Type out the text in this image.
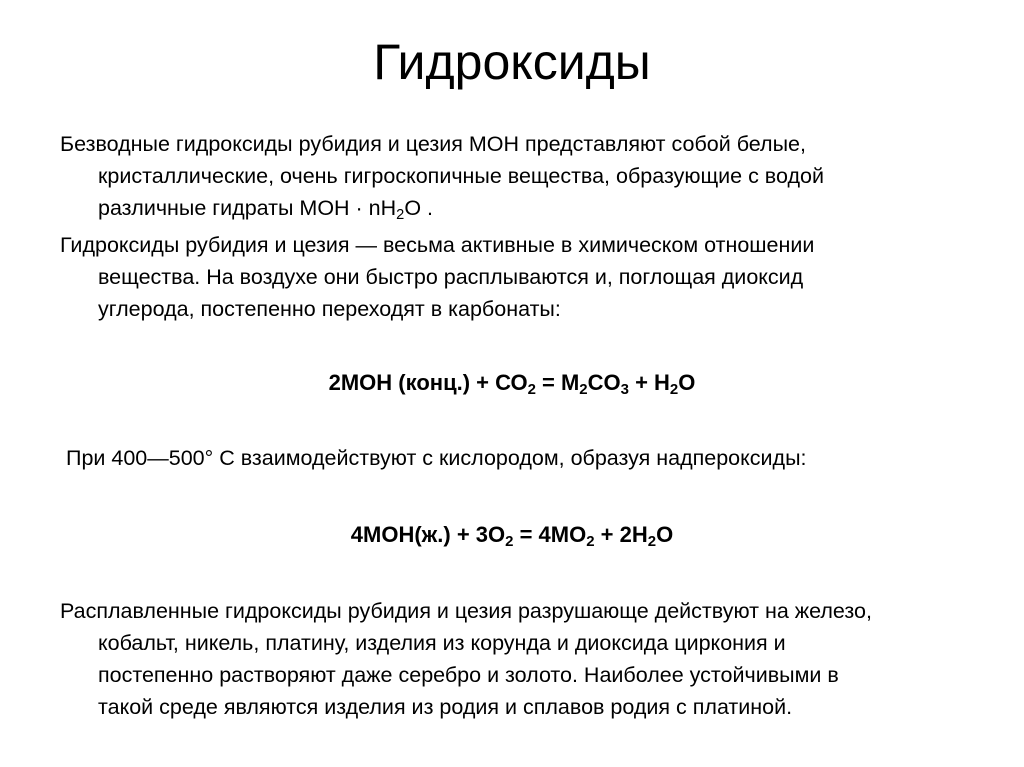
Гидроксиды
Безводные гидроксиды рубидия и цезия МОН представляют собой белые,
кристаллические, очень гигроскопичные вещества, образующие с водой
различные гидраты МОН · $nH_2O$ .
Гидроксиды рубидия и цезия — весьма активные в химическом отношении
вещества. На воздухе они быстро расплываются и, поглощая диоксид
углерода, постепенно переходят в карбонаты:
2МОН (конц.) + $СО_2 = M_2CO_3 + H_2O$
При 400—500° С взаимодействуют с кислородом, образуя надпероксиды:
$4МОН(ж.) + 3O_2 = 4МO_2 + 2H_2O$
Расплавленные гидроксиды рубидия и цезия разрушающе действуют на железо,
кобальт, никель, платину, изделия из корунда и диоксида циркония и
постепенно растворяют даже серебро и золото. Наиболее устойчивыми в
такой среде являются изделия из родия и сплавов родия с платиной.
